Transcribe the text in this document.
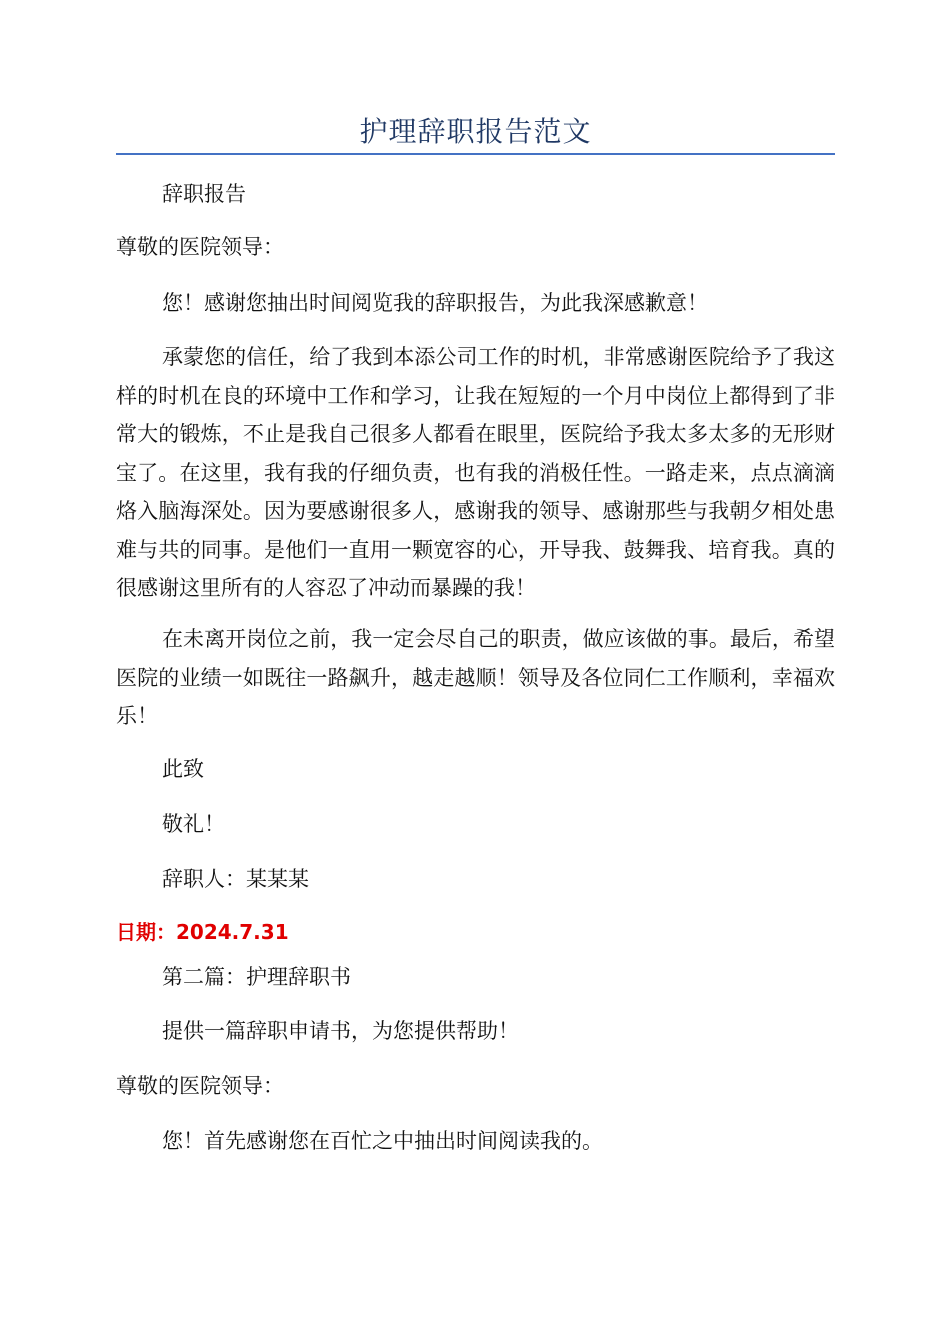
护理辞职报告范文
辞职报告
尊敬的医院领导：
您！感谢您抽出时间阅览我的辞职报告，为此我深感歉意！

承蒙您的信任，给了我到本添公司工作的时机，非常感谢医院给予了我这样的时机在良的环境中工作和学习，让我在短短的一个月中岗位上都得到了非常大的锻炼，不止是我自己很多人都看在眼里，医院给予我太多太多的无形财宝了。在这里，我有我的仔细负责，也有我的消极任性。一路走来，点点滴滴烙入脑海深处。因为要感谢很多人，感谢我的领导、感谢那些与我朝夕相处患难与共的同事。是他们一直用一颗宽容的心，开导我、鼓舞我、培育我。真的很感谢这里所有的人容忍了冲动而暴躁的我！

在未离开岗位之前，我一定会尽自己的职责，做应该做的事。最后，希望医院的业绩一如既往一路飙升，越走越顺！领导及各位同仁工作顺利，幸福欢乐！

此致
敬礼！
辞职人：某某某
日期：2024.7.31
第二篇：护理辞职书
提供一篇辞职申请书，为您提供帮助！
尊敬的医院领导：
您！首先感谢您在百忙之中抽出时间阅读我的。
